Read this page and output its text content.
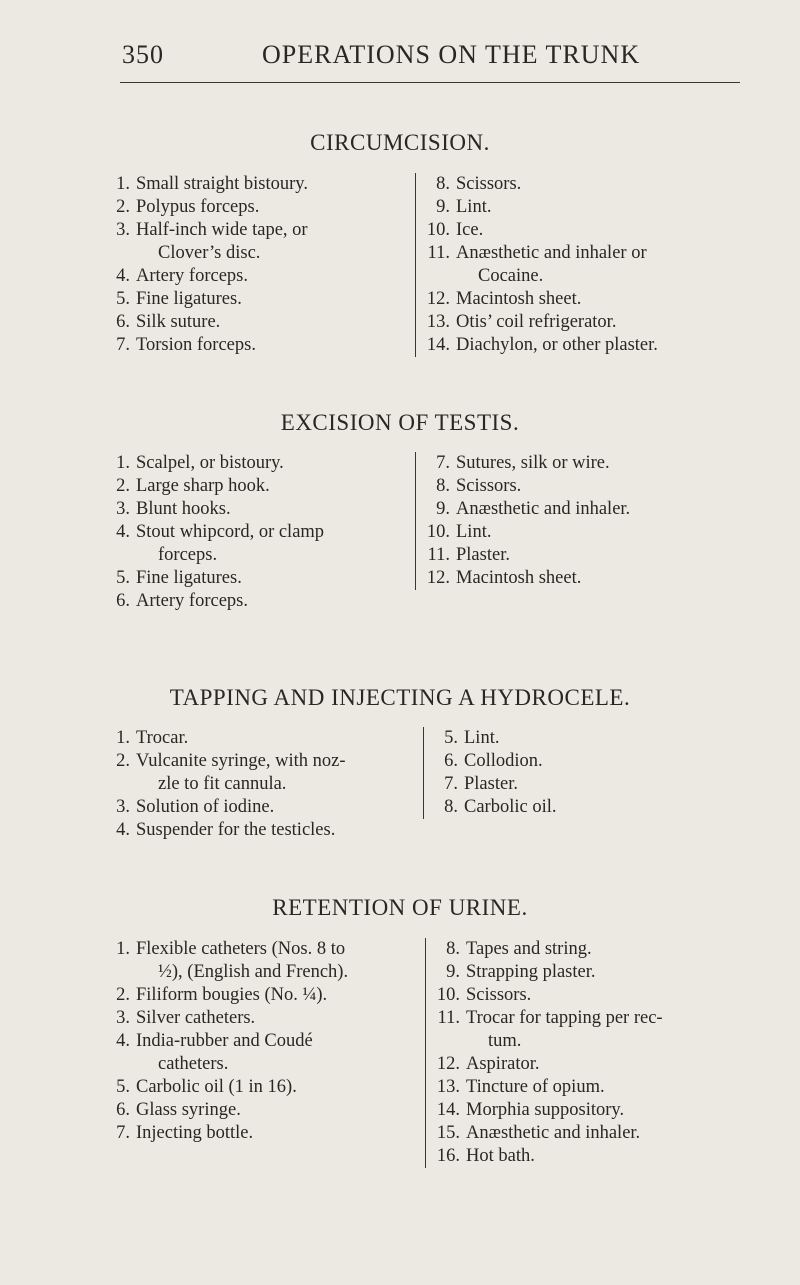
350	OPERATIONS ON THE TRUNK
CIRCUMCISION.
1. Small straight bistoury.
2. Polypus forceps.
3. Half-inch wide tape, or
Clover’s disc.
4. Artery forceps.
5. Fine ligatures.
6. Silk suture.
7. Torsion forceps.
8. Scissors.
9. Lint.
10. Ice.
11. Anæsthetic and inhaler or
Cocaine.
12. Macintosh sheet.
13. Otis’ coil refrigerator.
14. Diachylon, or other plaster.
EXCISION OF TESTIS.
1. Scalpel, or bistoury.
2. Large sharp hook.
3. Blunt hooks.
4. Stout whipcord, or clamp
forceps.
5. Fine ligatures.
6. Artery forceps.
7. Sutures, silk or wire.
8. Scissors.
9. Anæsthetic and inhaler.
10. Lint.
11. Plaster.
12. Macintosh sheet.
TAPPING AND INJECTING A HYDROCELE.
1. Trocar.
2. Vulcanite syringe, with noz-
zle to fit cannula.
3. Solution of iodine.
4. Suspender for the testicles.
5. Lint.
6. Collodion.
7. Plaster.
8. Carbolic oil.
RETENTION OF URINE.
1. Flexible catheters (Nos. 8 to
½), (English and French).
2. Filiform bougies (No. ¼).
3. Silver catheters.
4. India-rubber and Coudé
catheters.
5. Carbolic oil (1 in 16).
6. Glass syringe.
7. Injecting bottle.
8. Tapes and string.
9. Strapping plaster.
10. Scissors.
11. Trocar for tapping per rec-
tum.
12. Aspirator.
13. Tincture of opium.
14. Morphia suppository.
15. Anæsthetic and inhaler.
16. Hot bath.
